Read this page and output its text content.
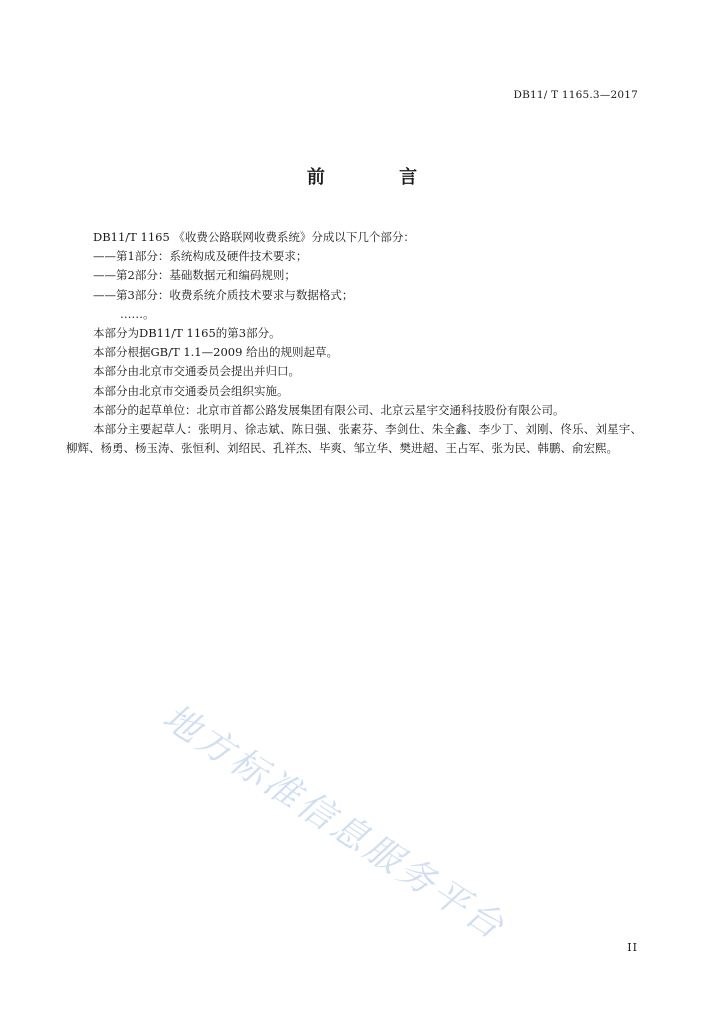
DB11/ T 1165.3—2017
前 言

DB11/T 1165 《收费公路联网收费系统》分成以下几个部分：

——第1部分：系统构成及硬件技术要求；

——第2部分：基础数据元和编码规则；

——第3部分：收费系统介质技术要求与数据格式；

……。

本部分为DB11/T 1165的第3部分。

本部分根据GB/T 1.1—2009 给出的规则起草。

本部分由北京市交通委员会提出并归口。

本部分由北京市交通委员会组织实施。

本部分的起草单位：北京市首都公路发展集团有限公司、北京云星宇交通科技股份有限公司。

本部分主要起草人：张明月、徐志斌、陈日强、张素芬、李剑仕、朱全鑫、李少丁、刘刚、佟乐、刘星宇、柳辉、杨勇、杨玉涛、张恒利、刘绍民、孔祥杰、毕爽、邹立华、樊进超、王占军、张为民、韩鹏、俞宏熙。

地方标准信息服务平台	II
